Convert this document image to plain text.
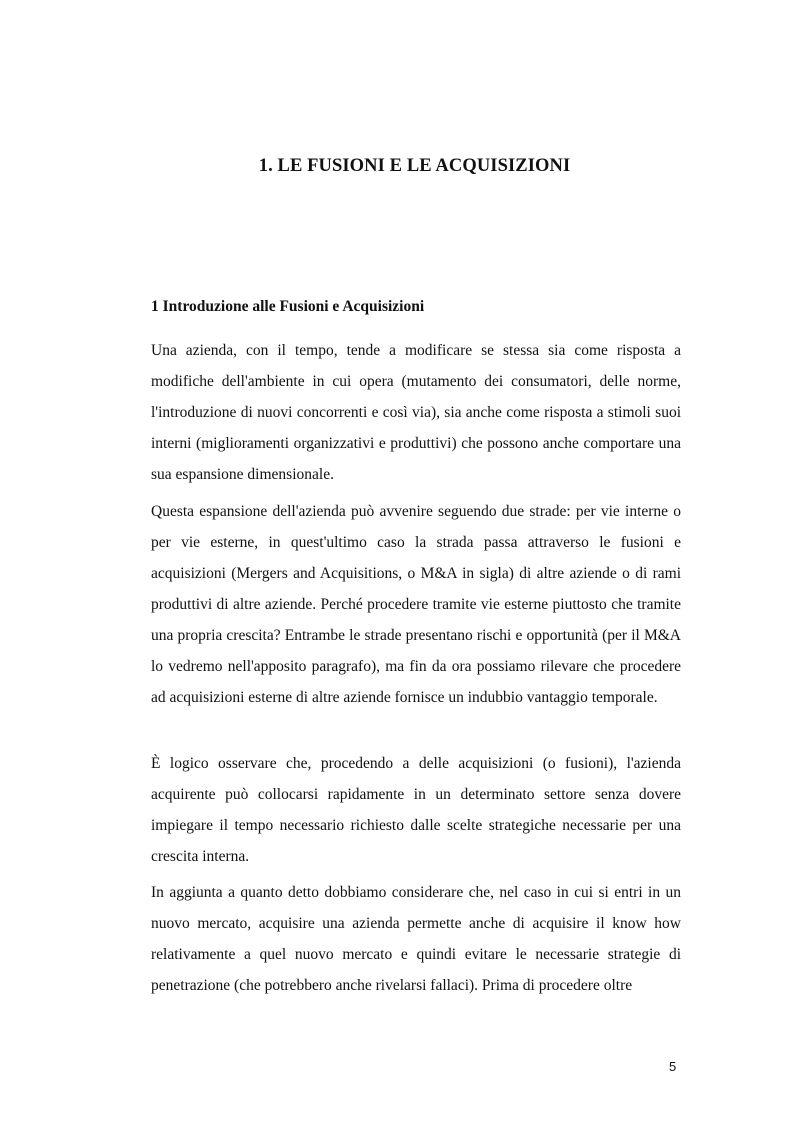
1. LE FUSIONI E LE ACQUISIZIONI
1 Introduzione alle Fusioni e Acquisizioni

Una azienda, con il tempo, tende a modificare se stessa sia come risposta a modifiche dell'ambiente in cui opera (mutamento dei consumatori, delle norme, l'introduzione di nuovi concorrenti e così via), sia anche come risposta a stimoli suoi interni (miglioramenti organizzativi e produttivi) che possono anche comportare una sua espansione dimensionale.

Questa espansione dell'azienda può avvenire seguendo due strade: per vie interne o per vie esterne, in quest'ultimo caso la strada passa attraverso le fusioni e acquisizioni (Mergers and Acquisitions, o M&A in sigla) di altre aziende o di rami produttivi di altre aziende. Perché procedere tramite vie esterne piuttosto che tramite una propria crescita? Entrambe le strade presentano rischi e opportunità (per il M&A lo vedremo nell'apposito paragrafo), ma fin da ora possiamo rilevare che procedere ad acquisizioni esterne di altre aziende fornisce un indubbio vantaggio temporale.

È logico osservare che, procedendo a delle acquisizioni (o fusioni), l'azienda acquirente può collocarsi rapidamente in un determinato settore senza dovere impiegare il tempo necessario richiesto dalle scelte strategiche necessarie per una crescita interna.

In aggiunta a quanto detto dobbiamo considerare che, nel caso in cui si entri in un nuovo mercato, acquisire una azienda permette anche di acquisire il know how relativamente a quel nuovo mercato e quindi evitare le necessarie strategie di penetrazione (che potrebbero anche rivelarsi fallaci). Prima di procedere oltre

5
